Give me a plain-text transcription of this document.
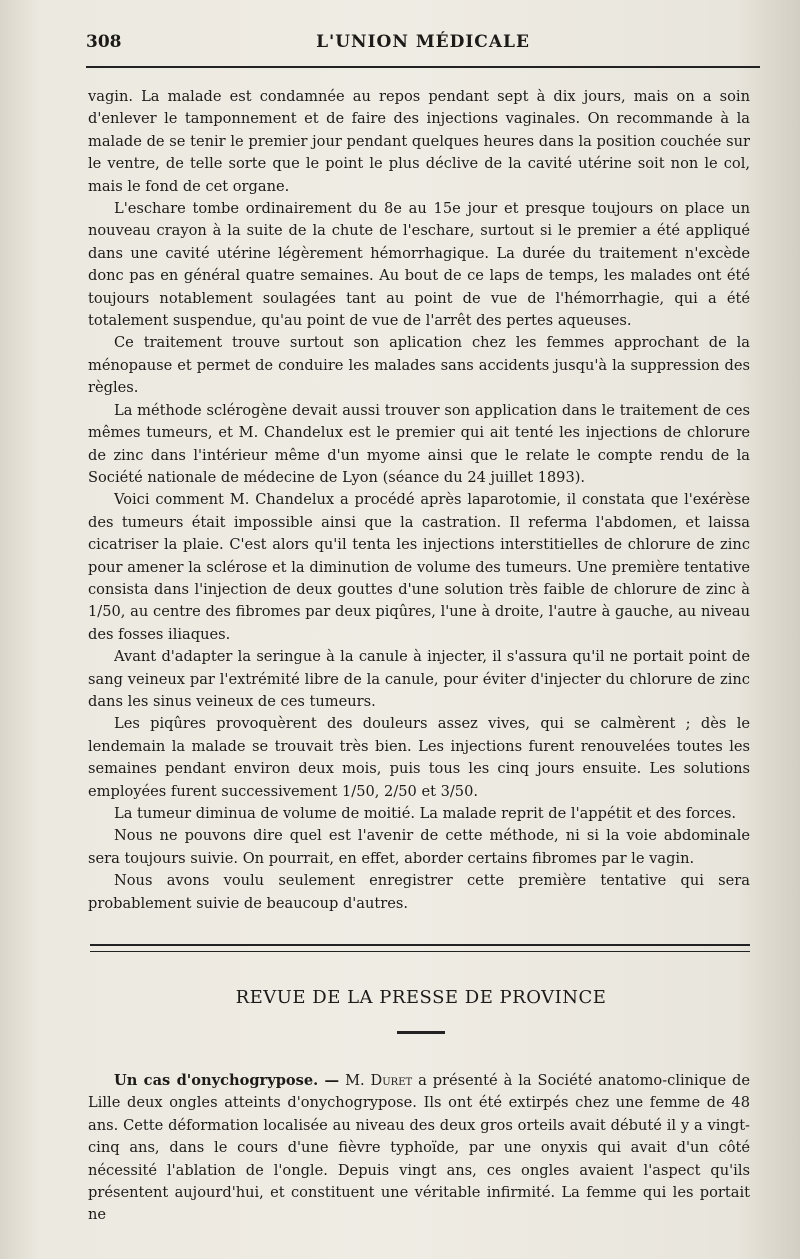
308	L'UNION MÉDICALE

vagin. La malade est condamnée au repos pendant sept à dix jours, mais on a soin d'enlever le tamponnement et de faire des injections vaginales. On recommande à la malade de se tenir le premier jour pendant quelques heures dans la position couchée sur le ventre, de telle sorte que le point le plus déclive de la cavité utérine soit non le col, mais le fond de cet organe.

L'eschare tombe ordinairement du 8e au 15e jour et presque toujours on place un nouveau crayon à la suite de la chute de l'eschare, surtout si le premier a été appliqué dans une cavité utérine légèrement hémorrhagique. La durée du traitement n'excède donc pas en général quatre semaines. Au bout de ce laps de temps, les malades ont été toujours notablement soulagées tant au point de vue de l'hémorrhagie, qui a été totalement suspendue, qu'au point de vue de l'arrêt des pertes aqueuses.

Ce traitement trouve surtout son aplication chez les femmes approchant de la ménopause et permet de conduire les malades sans accidents jusqu'à la suppression des règles.

La méthode sclérogène devait aussi trouver son application dans le traitement de ces mêmes tumeurs, et M. Chandelux est le premier qui ait tenté les injections de chlorure de zinc dans l'intérieur même d'un myome ainsi que le relate le compte rendu de la Société nationale de médecine de Lyon (séance du 24 juillet 1893).

Voici comment M. Chandelux a procédé après laparotomie, il constata que l'exérèse des tumeurs était impossible ainsi que la castration. Il referma l'abdomen, et laissa cicatriser la plaie. C'est alors qu'il tenta les injections interstitielles de chlorure de zinc pour amener la sclérose et la diminution de volume des tumeurs. Une première tentative consista dans l'injection de deux gouttes d'une solution très faible de chlorure de zinc à 1/50, au centre des fibromes par deux piqûres, l'une à droite, l'autre à gauche, au niveau des fosses iliaques.

Avant d'adapter la seringue à la canule à injecter, il s'assura qu'il ne portait point de sang veineux par l'extrémité libre de la canule, pour éviter d'injecter du chlorure de zinc dans les sinus veineux de ces tumeurs.

Les piqûres provoquèrent des douleurs assez vives, qui se calmèrent ; dès le lendemain la malade se trouvait très bien. Les injections furent renouvelées toutes les semaines pendant environ deux mois, puis tous les cinq jours ensuite. Les solutions employées furent successivement 1/50, 2/50 et 3/50.

La tumeur diminua de volume de moitié. La malade reprit de l'appétit et des forces.

Nous ne pouvons dire quel est l'avenir de cette méthode, ni si la voie abdominale sera toujours suivie. On pourrait, en effet, aborder certains fibromes par le vagin.

Nous avons voulu seulement enregistrer cette première tentative qui sera probablement suivie de beaucoup d'autres.

REVUE DE LA PRESSE DE PROVINCE

Un cas d'onychogrypose. — M. Duret a présenté à la Société anatomo-clinique de Lille deux ongles atteints d'onychogrypose. Ils ont été extirpés chez une femme de 48 ans. Cette déformation localisée au niveau des deux gros orteils avait débuté il y a vingt-cinq ans, dans le cours d'une fièvre typhoïde, par une onyxis qui avait d'un côté nécessité l'ablation de l'ongle. Depuis vingt ans, ces ongles avaient l'aspect qu'ils présentent aujourd'hui, et constituent une véritable infirmité. La femme qui les portait ne
